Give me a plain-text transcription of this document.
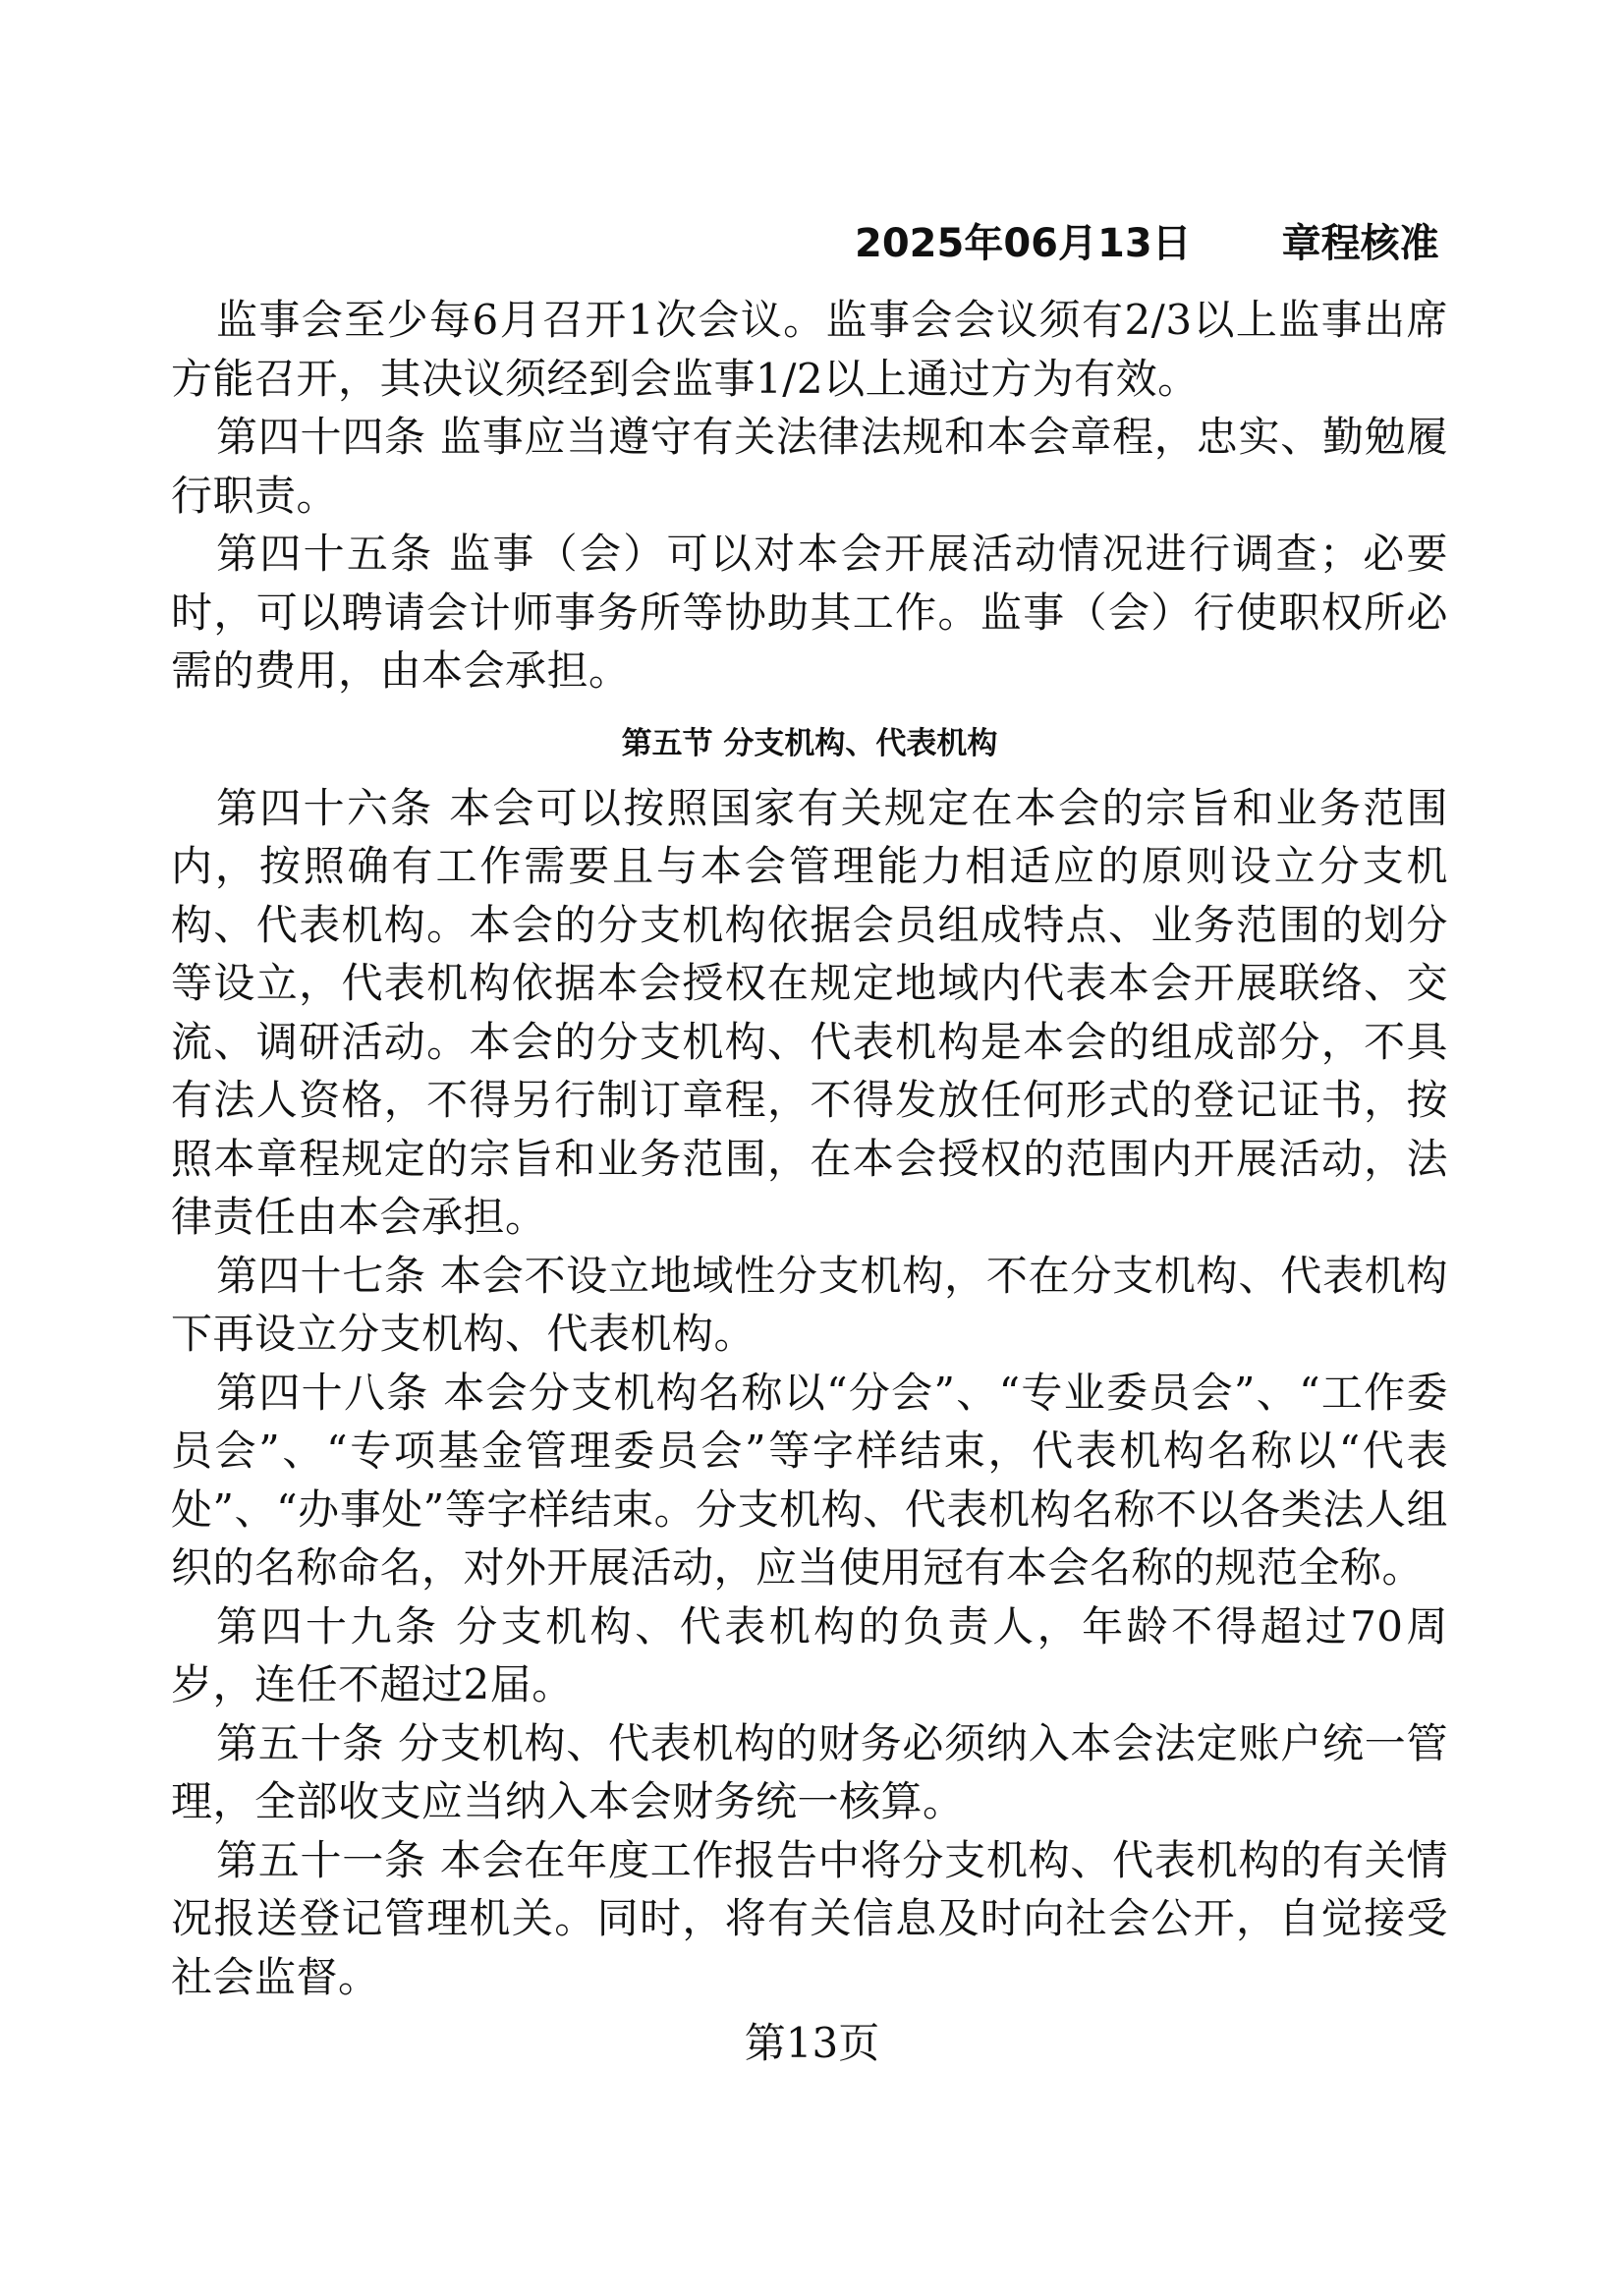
2025年06月13日 章程核准

监事会至少每6月召开1次会议。监事会会议须有2/3以上监事出席方能召开，其决议须经到会监事1/2以上通过方为有效。

第四十四条 监事应当遵守有关法律法规和本会章程，忠实、勤勉履行职责。

第四十五条 监事（会）可以对本会开展活动情况进行调查；必要时，可以聘请会计师事务所等协助其工作。监事（会）行使职权所必需的费用，由本会承担。

第五节 分支机构、代表机构

第四十六条 本会可以按照国家有关规定在本会的宗旨和业务范围内，按照确有工作需要且与本会管理能力相适应的原则设立分支机构、代表机构。本会的分支机构依据会员组成特点、业务范围的划分等设立，代表机构依据本会授权在规定地域内代表本会开展联络、交流、调研活动。本会的分支机构、代表机构是本会的组成部分，不具有法人资格，不得另行制订章程，不得发放任何形式的登记证书，按照本章程规定的宗旨和业务范围，在本会授权的范围内开展活动，法律责任由本会承担。

第四十七条 本会不设立地域性分支机构，不在分支机构、代表机构下再设立分支机构、代表机构。

第四十八条 本会分支机构名称以“分会”、“专业委员会”、“工作委员会”、“专项基金管理委员会”等字样结束，代表机构名称以“代表处”、“办事处”等字样结束。分支机构、代表机构名称不以各类法人组织的名称命名，对外开展活动，应当使用冠有本会名称的规范全称。

第四十九条 分支机构、代表机构的负责人，年龄不得超过70周岁，连任不超过2届。

第五十条 分支机构、代表机构的财务必须纳入本会法定账户统一管理，全部收支应当纳入本会财务统一核算。

第五十一条 本会在年度工作报告中将分支机构、代表机构的有关情况报送登记管理机关。同时，将有关信息及时向社会公开，自觉接受社会监督。

第13页
